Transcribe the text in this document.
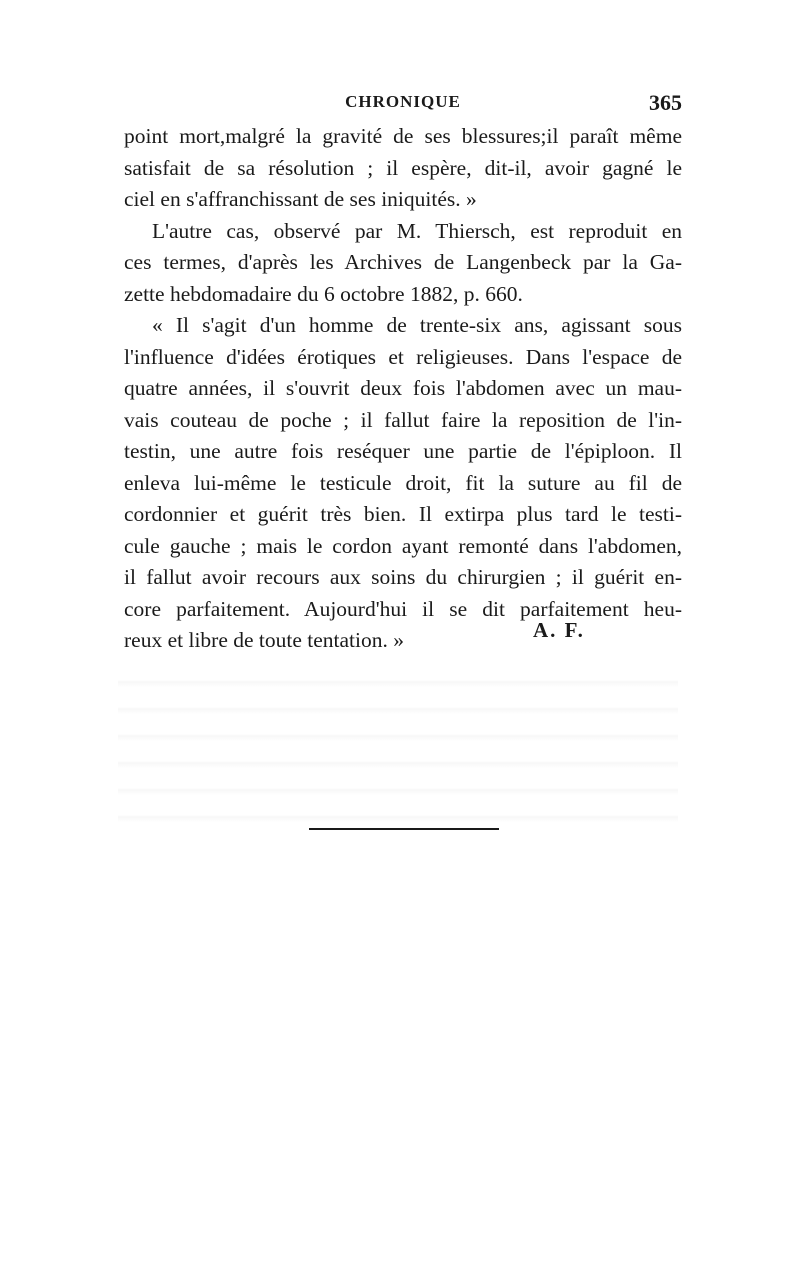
CHRONIQUE	365
point mort,malgré la gravité de ses blessures;il paraît même
satisfait de sa résolution ; il espère, dit-il, avoir gagné le
ciel en s'affranchissant de ses iniquités. »
L'autre cas, observé par M. Thiersch, est reproduit en
ces termes, d'après les Archives de Langenbeck par la Ga-
zette hebdomadaire du 6 octobre 1882, p. 660.
« Il s'agit d'un homme de trente-six ans, agissant sous
l'influence d'idées érotiques et religieuses. Dans l'espace de
quatre années, il s'ouvrit deux fois l'abdomen avec un mau-
vais couteau de poche ; il fallut faire la reposition de l'in-
testin, une autre fois reséquer une partie de l'épiploon. Il
enleva lui-même le testicule droit, fit la suture au fil de
cordonnier et guérit très bien. Il extirpa plus tard le testi-
cule gauche ; mais le cordon ayant remonté dans l'abdomen,
il fallut avoir recours aux soins du chirurgien ; il guérit en-
core parfaitement. Aujourd'hui il se dit parfaitement heu-
reux et libre de toute tentation. »	A. F.
